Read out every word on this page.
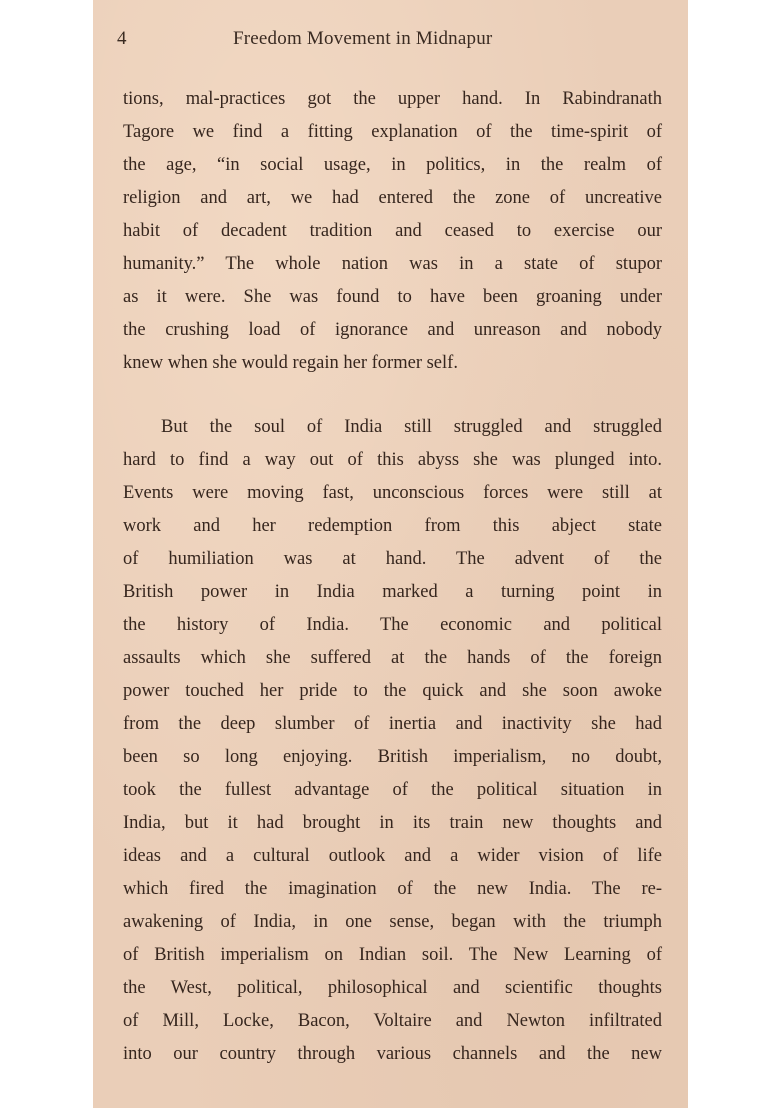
4	Freedom Movement in Midnapur
tions, mal-practices got the upper hand. In Rabindranath
Tagore we find a fitting explanation of the time-spirit of
the age, “in social usage, in politics, in the realm of
religion and art, we had entered the zone of uncreative
habit of decadent tradition and ceased to exercise our
humanity.” The whole nation was in a state of stupor
as it were. She was found to have been groaning under
the crushing load of ignorance and unreason and nobody
knew when she would regain her former self.
But the soul of India still struggled and struggled
hard to find a way out of this abyss she was plunged into.
Events were moving fast, unconscious forces were still at
work and her redemption from this abject state
of humiliation was at hand. The advent of the
British power in India marked a turning point in
the history of India. The economic and political
assaults which she suffered at the hands of the foreign
power touched her pride to the quick and she soon awoke
from the deep slumber of inertia and inactivity she had
been so long enjoying. British imperialism, no doubt,
took the fullest advantage of the political situation in
India, but it had brought in its train new thoughts and
ideas and a cultural outlook and a wider vision of life
which fired the imagination of the new India. The re-
awakening of India, in one sense, began with the triumph
of British imperialism on Indian soil. The New Learning of
the West, political, philosophical and scientific thoughts
of Mill, Locke, Bacon, Voltaire and Newton infiltrated
into our country through various channels and the new
